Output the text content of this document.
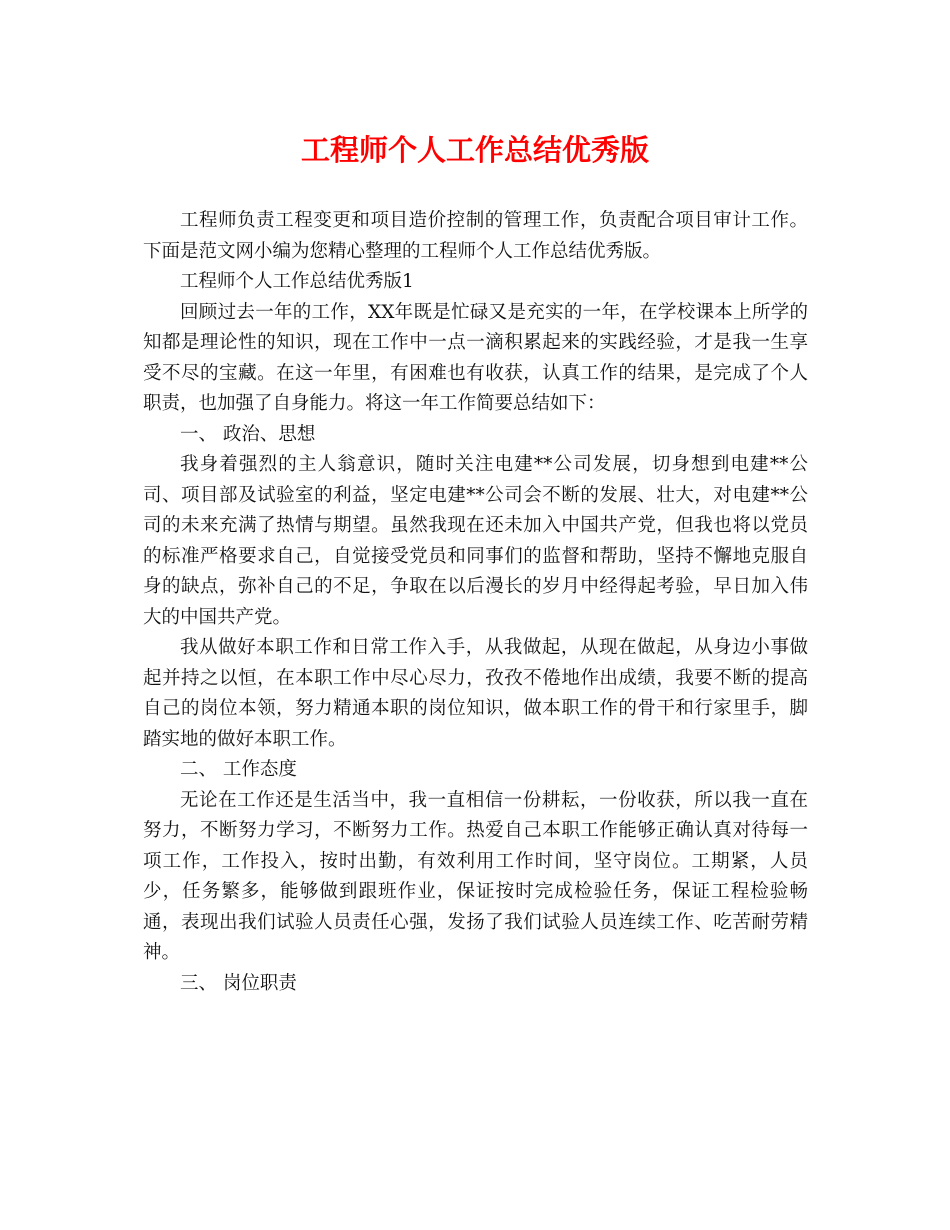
工程师个人工作总结优秀版

工程师负责工程变更和项目造价控制的管理工作，负责配合项目审计工作。下面是范文网小编为您精心整理的工程师个人工作总结优秀版。

工程师个人工作总结优秀版1

回顾过去一年的工作，XX年既是忙碌又是充实的一年，在学校课本上所学的知都是理论性的知识，现在工作中一点一滴积累起来的实践经验，才是我一生享受不尽的宝藏。在这一年里，有困难也有收获，认真工作的结果，是完成了个人职责，也加强了自身能力。将这一年工作简要总结如下：

一、 政治、思想

我身着强烈的主人翁意识，随时关注电建**公司发展，切身想到电建**公司、项目部及试验室的利益，坚定电建**公司会不断的发展、壮大，对电建**公司的未来充满了热情与期望。虽然我现在还未加入中国共产党，但我也将以党员的标准严格要求自己，自觉接受党员和同事们的监督和帮助，坚持不懈地克服自身的缺点，弥补自己的不足，争取在以后漫长的岁月中经得起考验，早日加入伟大的中国共产党。

我从做好本职工作和日常工作入手，从我做起，从现在做起，从身边小事做起并持之以恒，在本职工作中尽心尽力，孜孜不倦地作出成绩，我要不断的提高自己的岗位本领，努力精通本职的岗位知识，做本职工作的骨干和行家里手，脚踏实地的做好本职工作。

二、 工作态度

无论在工作还是生活当中，我一直相信一份耕耘，一份收获，所以我一直在努力，不断努力学习，不断努力工作。热爱自己本职工作能够正确认真对待每一项工作，工作投入，按时出勤，有效利用工作时间，坚守岗位。工期紧，人员少，任务繁多，能够做到跟班作业，保证按时完成检验任务，保证工程检验畅通，表现出我们试验人员责任心强，发扬了我们试验人员连续工作、吃苦耐劳精神。

三、 岗位职责
